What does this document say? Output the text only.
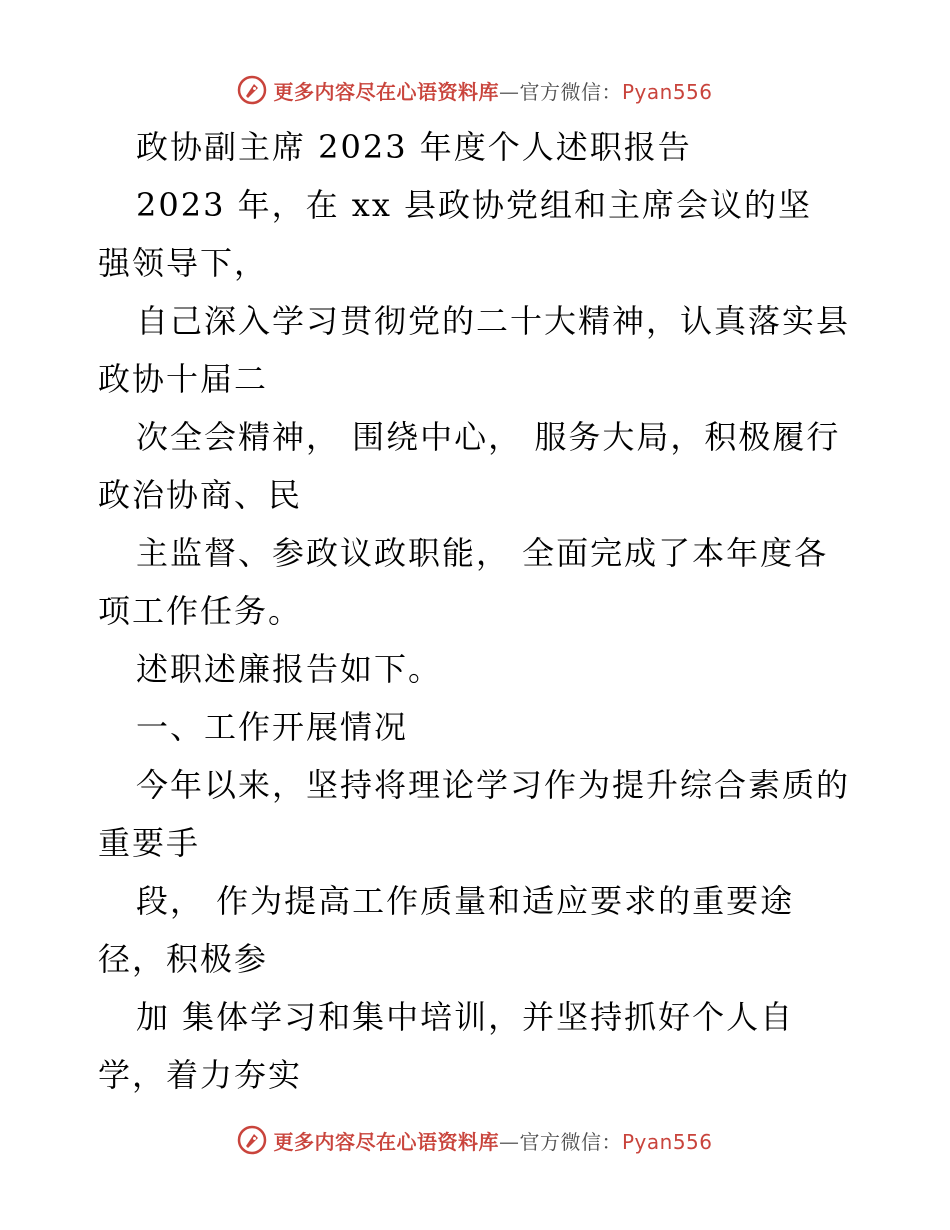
更多内容尽在心语资料库—官方微信：Pyan556
政协副主席 2023 年度个人述职报告
2023 年，在 xx 县政协党组和主席会议的坚
强领导下，
自己深入学习贯彻党的二十大精神，认真落实县
政协十届二
次全会精神， 围绕中心， 服务大局，积极履行
政治协商、民
主监督、参政议政职能， 全面完成了本年度各
项工作任务。
述职述廉报告如下。
一、工作开展情况
今年以来，坚持将理论学习作为提升综合素质的
重要手
段， 作为提高工作质量和适应要求的重要途
径，积极参
加 集体学习和集中培训，并坚持抓好个人自
学，着力夯实
更多内容尽在心语资料库—官方微信：Pyan556
